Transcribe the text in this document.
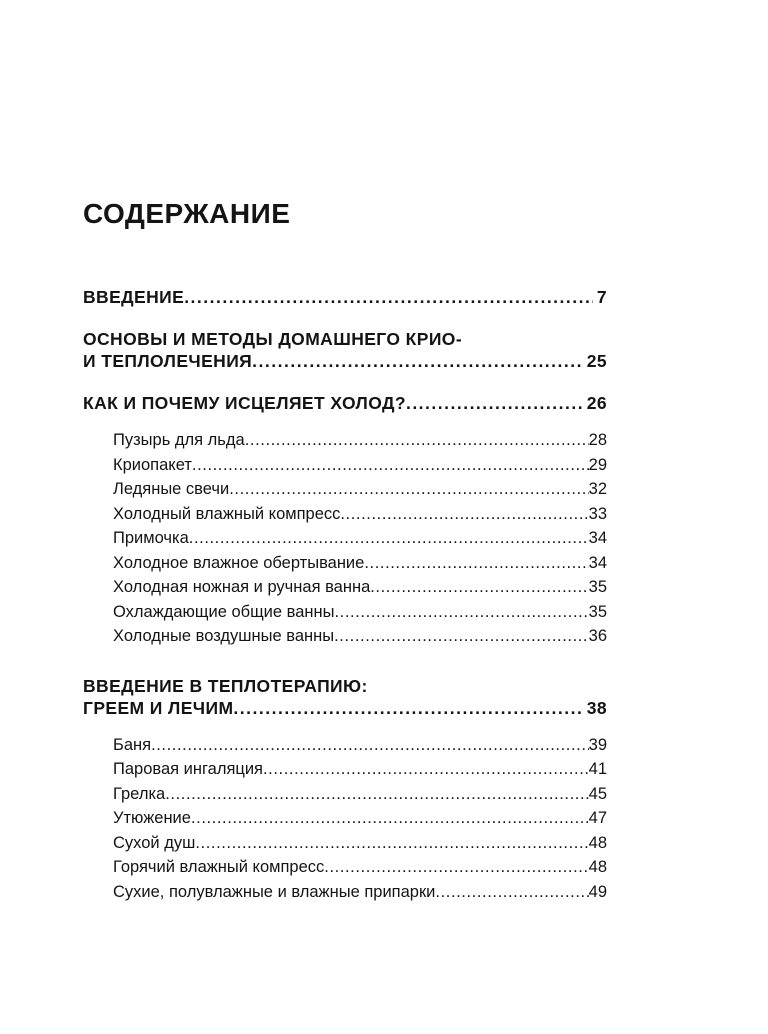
СОДЕРЖАНИЕ
ВВЕДЕНИЕ .....	7
ОСНОВЫ И МЕТОДЫ ДОМАШНЕГО КРИО-
И ТЕПЛОЛЕЧЕНИЯ .....	25
КАК И ПОЧЕМУ ИСЦЕЛЯЕТ ХОЛОД? .....	26
Пузырь для льда .....	28
Криопакет .....	29
Ледяные свечи .....	32
Холодный влажный компресс .....	33
Примочка .....	34
Холодное влажное обертывание .....	34
Холодная ножная и ручная ванна .....	35
Охлаждающие общие ванны .....	35
Холодные воздушные ванны .....	36
ВВЕДЕНИЕ В ТЕПЛОТЕРАПИЮ:
ГРЕЕМ И ЛЕЧИМ .....	38
Баня .....	39
Паровая ингаляция .....	41
Грелка .....	45
Утюжение .....	47
Сухой душ .....	48
Горячий влажный компресс .....	48
Сухие, полувлажные и влажные припарки .....	49
